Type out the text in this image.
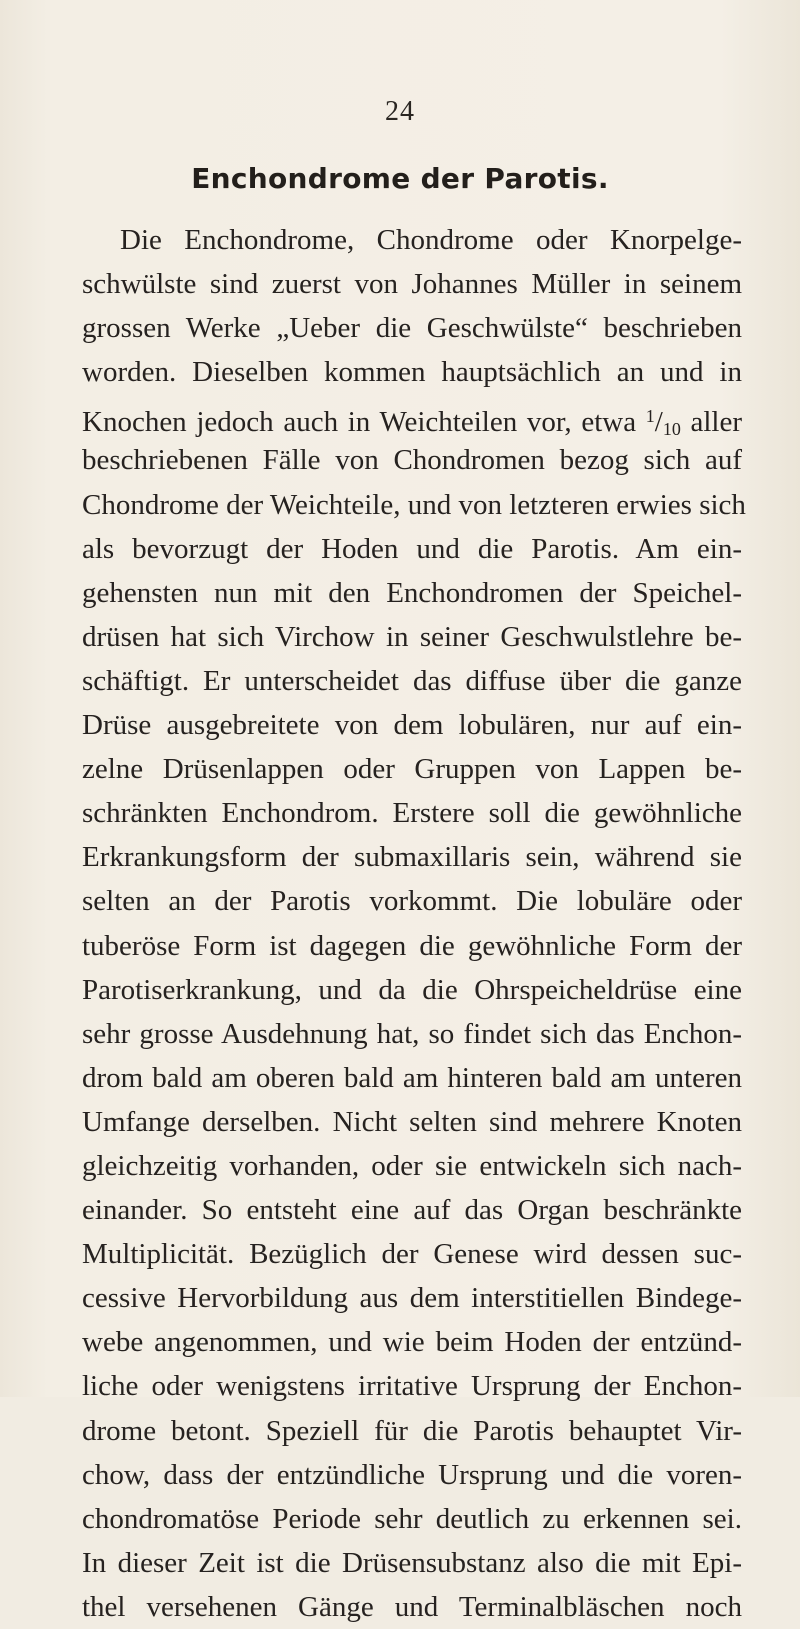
24
Enchondrome der Parotis.
Die Enchondrome, Chondrome oder Knorpelge-
schwülste sind zuerst von Johannes Müller in seinem
grossen Werke „Ueber die Geschwülste“ beschrieben
worden. Dieselben kommen hauptsächlich an und in
Knochen jedoch auch in Weichteilen vor, etwa $^1$/10 aller
beschriebenen Fälle von Chondromen bezog sich auf
Chondrome der Weichteile, und von letzteren erwies sich
als bevorzugt der Hoden und die Parotis. Am ein-
gehensten nun mit den Enchondromen der Speichel-
drüsen hat sich Virchow in seiner Geschwulstlehre be-
schäftigt. Er unterscheidet das diffuse über die ganze
Drüse ausgebreitete von dem lobulären, nur auf ein-
zelne Drüsenlappen oder Gruppen von Lappen be-
schränkten Enchondrom. Erstere soll die gewöhnliche
Erkrankungsform der submaxillaris sein, während sie
selten an der Parotis vorkommt. Die lobuläre oder
tuberöse Form ist dagegen die gewöhnliche Form der
Parotiserkrankung, und da die Ohrspeicheldrüse eine
sehr grosse Ausdehnung hat, so findet sich das Enchon-
drom bald am oberen bald am hinteren bald am unteren
Umfange derselben. Nicht selten sind mehrere Knoten
gleichzeitig vorhanden, oder sie entwickeln sich nach-
einander. So entsteht eine auf das Organ beschränkte
Multiplicität. Bezüglich der Genese wird dessen suc-
cessive Hervorbildung aus dem interstitiellen Bindege-
webe angenommen, und wie beim Hoden der entzünd-
liche oder wenigstens irritative Ursprung der Enchon-
drome betont. Speziell für die Parotis behauptet Vir-
chow, dass der entzündliche Ursprung und die voren-
chondromatöse Periode sehr deutlich zu erkennen sei.
In dieser Zeit ist die Drüsensubstanz also die mit Epi-
thel versehenen Gänge und Terminalbläschen noch
